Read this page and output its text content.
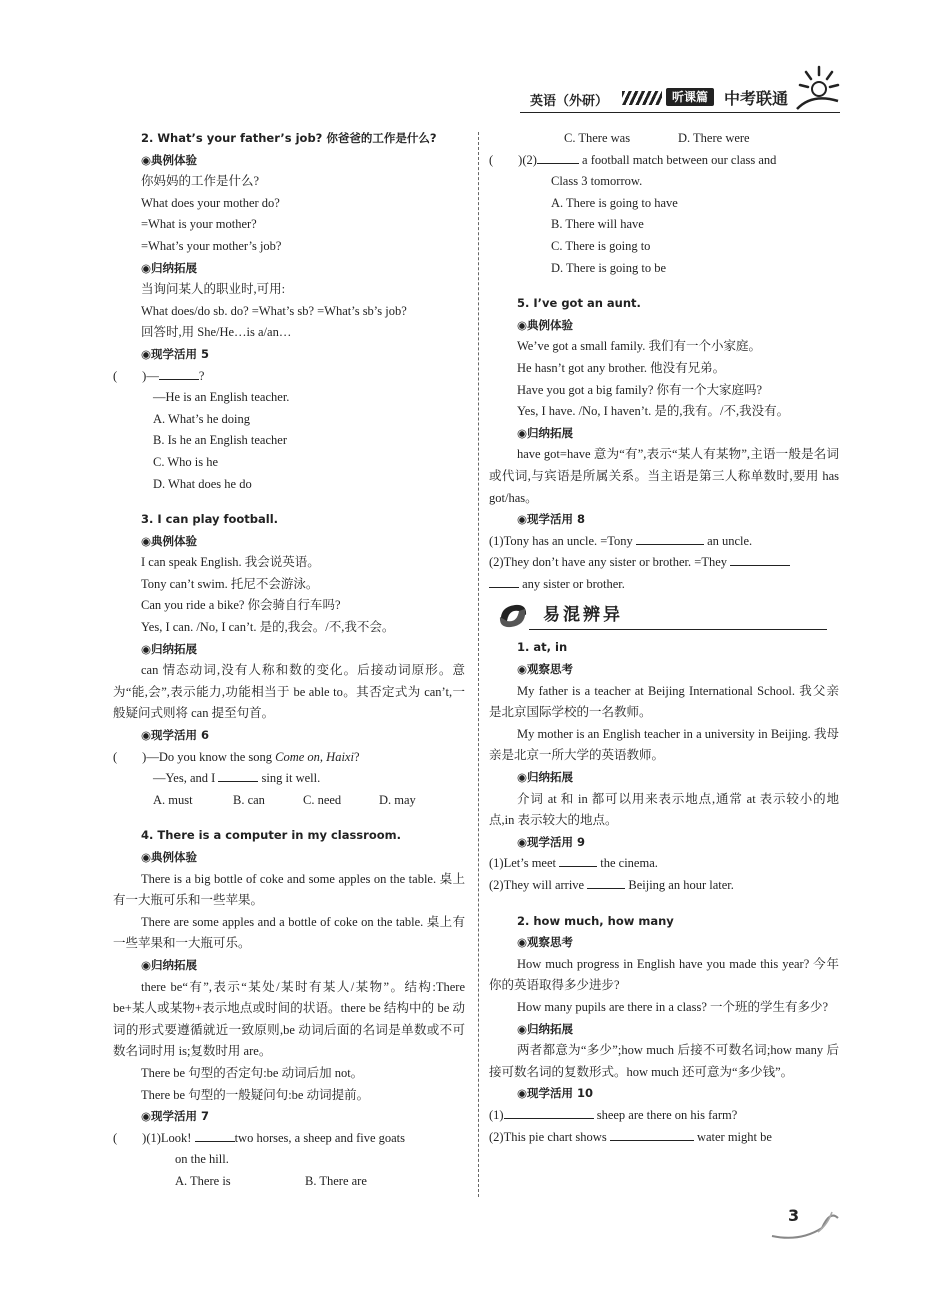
英语（外研）	听课篇	中考联通
2. What’s your father’s job? 你爸爸的工作是什么?
◉典例体验
你妈妈的工作是什么?
What does your mother do?
=What is your mother?
=What’s your mother’s job?
◉归纳拓展
当询问某人的职业时,可用:
What does/do sb. do? =What’s sb? =What’s sb’s job?
回答时,用 She/He…is a/an…
◉现学活用 5
(　　)—	?
—He is an English teacher.
A. What’s he doing
B. Is he an English teacher
C. Who is he
D. What does he do
3. I can play football.
◉典例体验
I can speak English. 我会说英语。
Tony can’t swim. 托尼不会游泳。
Can you ride a bike? 你会骑自行车吗?
Yes, I can. /No, I can’t. 是的,我会。/不,我不会。
◉归纳拓展
can 情态动词,没有人称和数的变化。后接动词原形。意为“能,会”,表示能力,功能相当于 be able to。其否定式为 can’t,一般疑问式则将 can 提至句首。
◉现学活用 6
(　　)—Do you know the song Come on, Haixi?
—Yes, and I	sing it well.
A. must	B. can	C. need	D. may
4. There is a computer in my classroom.
◉典例体验
There is a big bottle of coke and some apples on the table. 桌上有一大瓶可乐和一些苹果。
There are some apples and a bottle of coke on the table. 桌上有一些苹果和一大瓶可乐。
◉归纳拓展
there be“有”,表示“某处/某时有某人/某物”。结构:There be+某人或某物+表示地点或时间的状语。there be 结构中的 be 动词的形式要遵循就近一致原则,be 动词后面的名词是单数或不可数名词时用 is;复数时用 are。
There be 句型的否定句:be 动词后加 not。
There be 句型的一般疑问句:be 动词提前。
◉现学活用 7
(　　)(1)Look!	two horses, a sheep and five goats
on the hill.
A. There is	B. There are
C. There was	D. There were
(　　)(2)	a football match between our class and
Class 3 tomorrow.
A. There is going to have
B. There will have
C. There is going to
D. There is going to be
5. I’ve got an aunt.
◉典例体验
We’ve got a small family. 我们有一个小家庭。
He hasn’t got any brother. 他没有兄弟。
Have you got a big family? 你有一个大家庭吗?
Yes, I have. /No, I haven’t. 是的,我有。/不,我没有。
◉归纳拓展
have got=have 意为“有”,表示“某人有某物”,主语一般是名词或代词,与宾语是所属关系。当主语是第三人称单数时,要用 has got/has。
◉现学活用 8
(1)Tony has an uncle. =Tony	an uncle.
(2)They don’t have any sister or brother. =They
any sister or brother.
易混辨异
1. at, in
◉观察思考
My father is a teacher at Beijing International School. 我父亲是北京国际学校的一名教师。
My mother is an English teacher in a university in Beijing. 我母亲是北京一所大学的英语教师。
◉归纳拓展
介词 at 和 in 都可以用来表示地点,通常 at 表示较小的地点,in 表示较大的地点。
◉现学活用 9
(1)Let’s meet	the cinema.
(2)They will arrive	Beijing an hour later.
2. how much, how many
◉观察思考
How much progress in English have you made this year? 今年你的英语取得多少进步?
How many pupils are there in a class? 一个班的学生有多少?
◉归纳拓展
两者都意为“多少”;how much 后接不可数名词;how many 后接可数名词的复数形式。how much 还可意为“多少钱”。
◉现学活用 10
(1)	sheep are there on his farm?
(2)This pie chart shows	water might be
3
